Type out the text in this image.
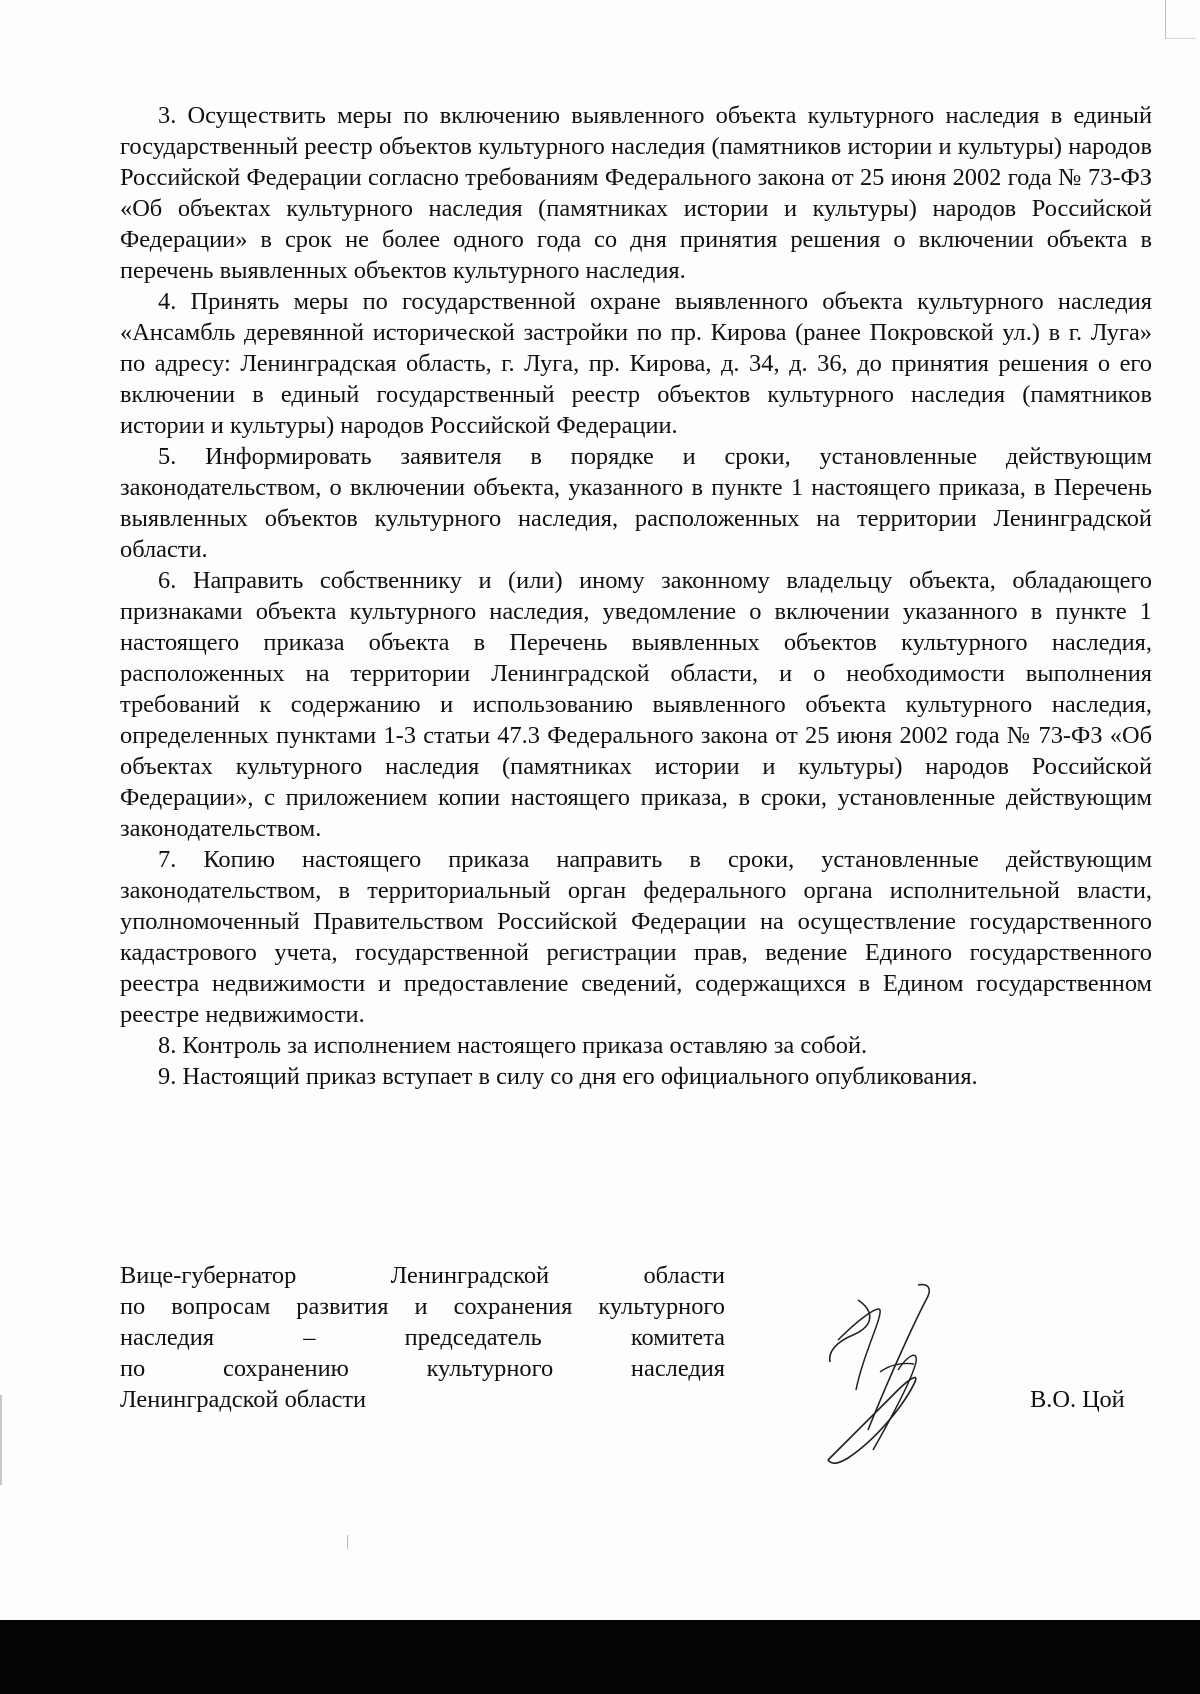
3. Осуществить меры по включению выявленного объекта культурного наследия в единый государственный реестр объектов культурного наследия (памятников истории и культуры) народов Российской Федерации согласно требованиям Федерального закона от 25 июня 2002 года № 73-ФЗ «Об объектах культурного наследия (памятниках истории и культуры) народов Российской Федерации» в срок не более одного года со дня принятия решения о включении объекта в перечень выявленных объектов культурного наследия.

4. Принять меры по государственной охране выявленного объекта культурного наследия «Ансамбль деревянной исторической застройки по пр. Кирова (ранее Покровской ул.) в г. Луга» по адресу: Ленинградская область, г. Луга, пр. Кирова, д. 34, д. 36, до принятия решения о его включении в единый государственный реестр объектов культурного наследия (памятников истории и культуры) народов Российской Федерации.

5. Информировать заявителя в порядке и сроки, установленные действующим законодательством, о включении объекта, указанного в пункте 1 настоящего приказа, в Перечень выявленных объектов культурного наследия, расположенных на территории Ленинградской области.

6. Направить собственнику и (или) иному законному владельцу объекта, обладающего признаками объекта культурного наследия, уведомление о включении указанного в пункте 1 настоящего приказа объекта в Перечень выявленных объектов культурного наследия, расположенных на территории Ленинградской области, и о необходимости выполнения требований к содержанию и использованию выявленного объекта культурного наследия, определенных пунктами 1-3 статьи 47.3 Федерального закона от 25 июня 2002 года № 73-ФЗ «Об объектах культурного наследия (памятниках истории и культуры) народов Российской Федерации», с приложением копии настоящего приказа, в сроки, установленные действующим законодательством.

7. Копию настоящего приказа направить в сроки, установленные действующим законодательством, в территориальный орган федерального органа исполнительной власти, уполномоченный Правительством Российской Федерации на осуществление государственного кадастрового учета, государственной регистрации прав, ведение Единого государственного реестра недвижимости и предоставление сведений, содержащихся в Едином государственном реестре недвижимости.

8. Контроль за исполнением настоящего приказа оставляю за собой.

9. Настоящий приказ вступает в силу со дня его официального опубликования.

Вице-губернатор Ленинградской области
по вопросам развития и сохранения культурного
наследия – председатель комитета
по сохранению культурного наследия
Ленинградской области	В.О. Цой
